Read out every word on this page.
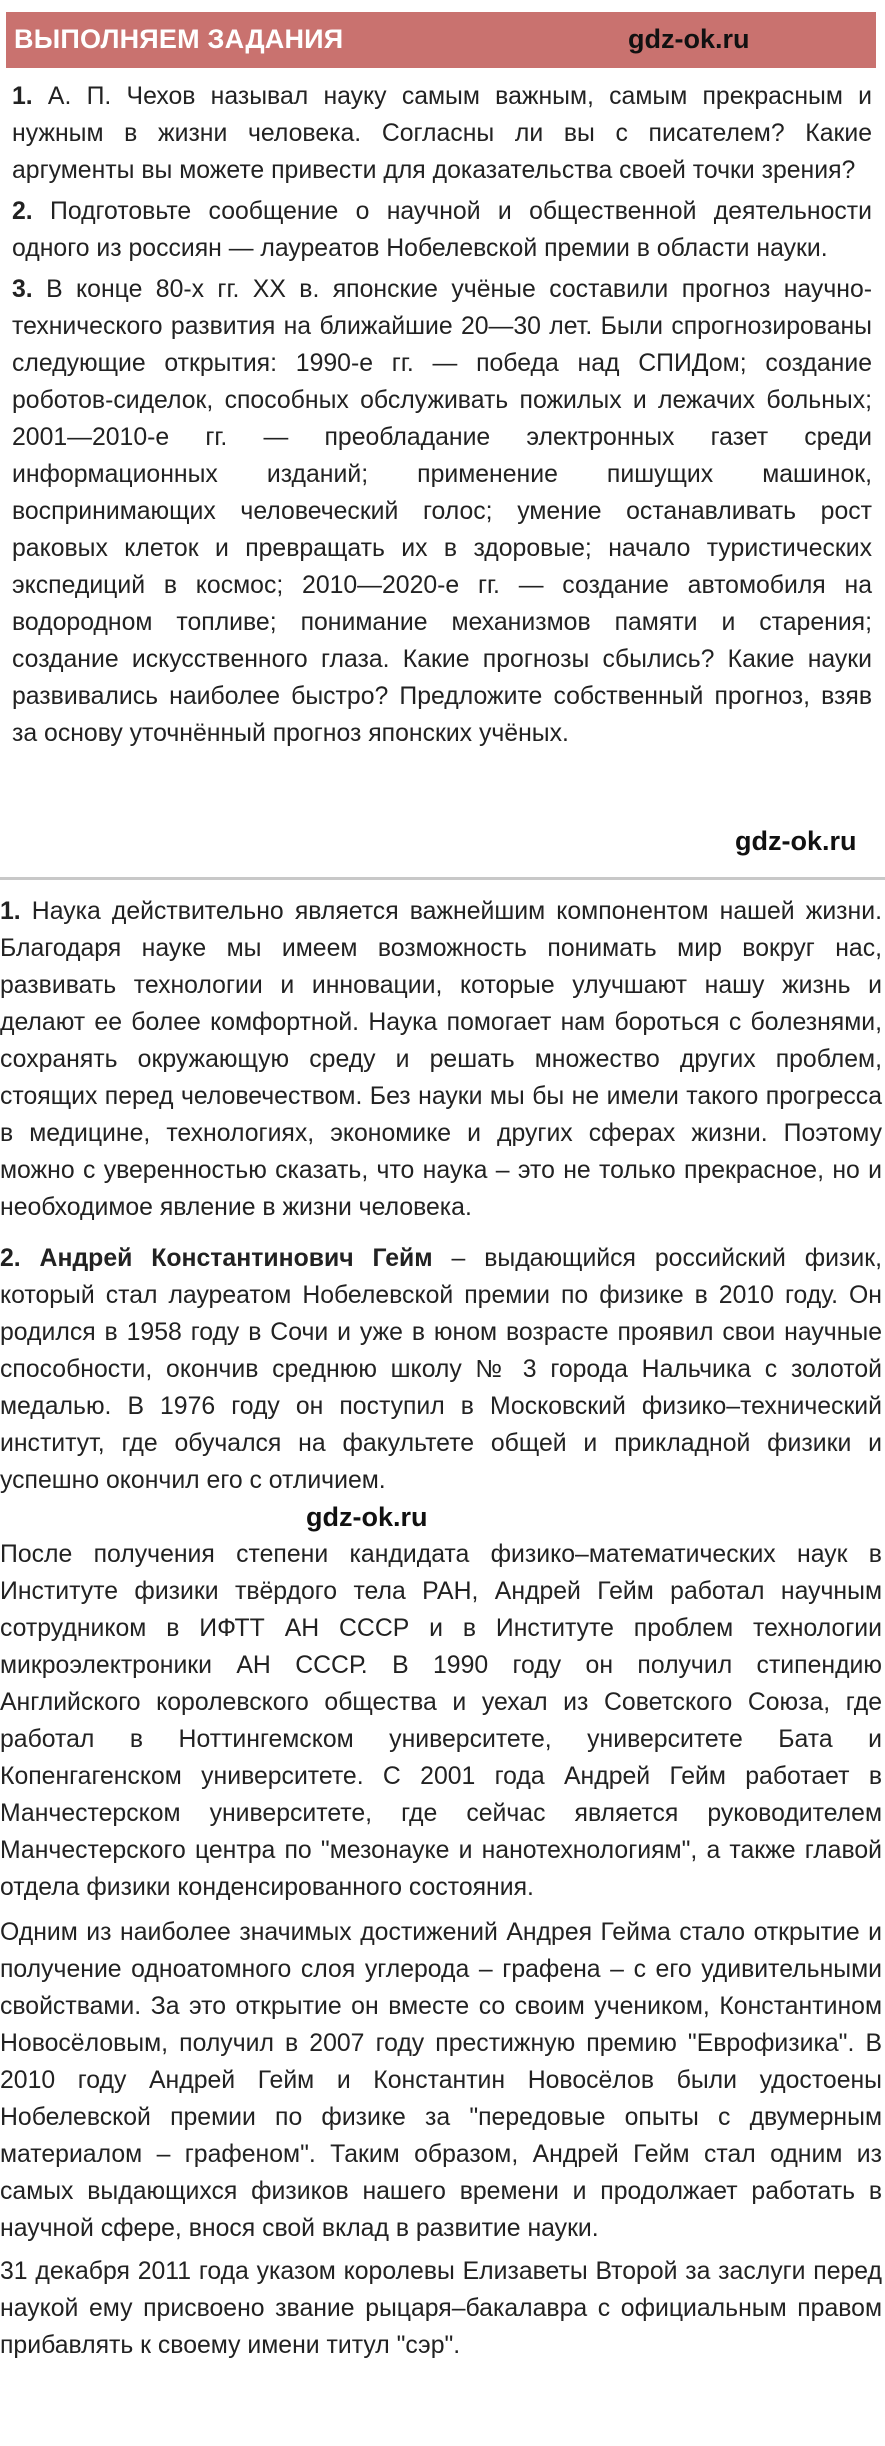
ВЫПОЛНЯЕМ ЗАДАНИЯ	gdz-ok.ru

1. А. П. Чехов называл науку самым важным, самым прекрасным и нужным в жизни человека. Согласны ли вы с писателем? Какие аргументы вы можете привести для доказательства своей точки зрения?

2. Подготовьте сообщение о научной и общественной деятельности одного из россиян — лауреатов Нобелевской премии в области науки.

3. В конце 80-х гг. XX в. японские учёные составили прогноз научно-технического развития на ближайшие 20—30 лет. Были спрогнозированы следующие открытия: 1990-е гг. — победа над СПИДом; создание роботов-сиделок, способных обслуживать пожилых и лежачих больных; 2001—2010-е гг. — преобладание электронных газет среди информационных изданий; применение пишущих машинок, воспринимающих человеческий голос; умение останавливать рост раковых клеток и превращать их в здоровые; начало туристических экспедиций в космос; 2010—2020-е гг. — создание автомобиля на водородном топливе; понимание механизмов памяти и старения; создание искусственного глаза. Какие прогнозы сбылись? Какие науки развивались наиболее быстро? Предложите собственный прогноз, взяв за основу уточнённый прогноз японских учёных.

gdz-ok.ru

1. Наука действительно является важнейшим компонентом нашей жизни. Благодаря науке мы имеем возможность понимать мир вокруг нас, развивать технологии и инновации, которые улучшают нашу жизнь и делают ее более комфортной. Наука помогает нам бороться с болезнями, сохранять окружающую среду и решать множество других проблем, стоящих перед человечеством. Без науки мы бы не имели такого прогресса в медицине, технологиях, экономике и других сферах жизни. Поэтому можно с уверенностью сказать, что наука – это не только прекрасное, но и необходимое явление в жизни человека.

2. Андрей Константинович Гейм – выдающийся российский физик, который стал лауреатом Нобелевской премии по физике в 2010 году. Он родился в 1958 году в Сочи и уже в юном возрасте проявил свои научные способности, окончив среднюю школу № 3 города Нальчика с золотой медалью. В 1976 году он поступил в Московский физико–технический институт, где обучался на факультете общей и прикладной физики и успешно окончил его с отличием.

gdz-ok.ru

После получения степени кандидата физико–математических наук в Институте физики твёрдого тела РАН, Андрей Гейм работал научным сотрудником в ИФТТ АН СССР и в Институте проблем технологии микроэлектроники АН СССР. В 1990 году он получил стипендию Английского королевского общества и уехал из Советского Союза, где работал в Ноттингемском университете, университете Бата и Копенгагенском университете. С 2001 года Андрей Гейм работает в Манчестерском университете, где сейчас является руководителем Манчестерского центра по "мезонауке и нанотехнологиям", а также главой отдела физики конденсированного состояния.

Одним из наиболее значимых достижений Андрея Гейма стало открытие и получение одноатомного слоя углерода – графена – с его удивительными свойствами. За это открытие он вместе со своим учеником, Константином Новосёловым, получил в 2007 году престижную премию "Еврофизика". В 2010 году Андрей Гейм и Константин Новосёлов были удостоены Нобелевской премии по физике за "передовые опыты с двумерным материалом – графеном". Таким образом, Андрей Гейм стал одним из самых выдающихся физиков нашего времени и продолжает работать в научной сфере, внося свой вклад в развитие науки.

31 декабря 2011 года указом королевы Елизаветы Второй за заслуги перед наукой ему присвоено звание рыцаря–бакалавра с официальным правом прибавлять к своему имени титул "сэр".
